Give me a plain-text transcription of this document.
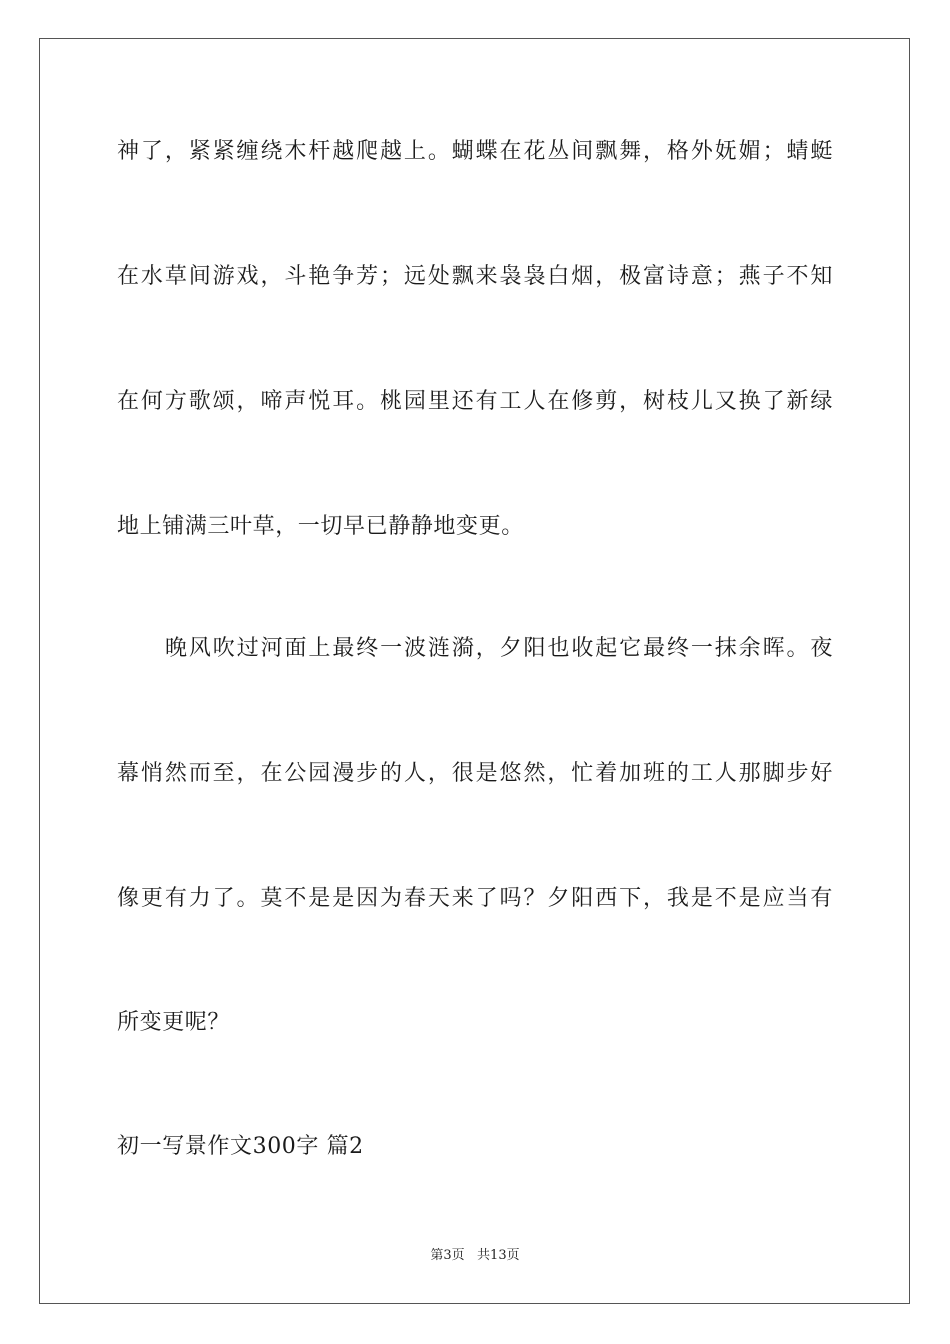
神了，紧紧缠绕木杆越爬越上。蝴蝶在花丛间飘舞，格外妩媚；蜻蜓
在水草间游戏，斗艳争芳；远处飘来袅袅白烟，极富诗意；燕子不知
在何方歌颂，啼声悦耳。桃园里还有工人在修剪，树枝儿又换了新绿
地上铺满三叶草，一切早已静静地变更。
晚风吹过河面上最终一波涟漪，夕阳也收起它最终一抹余晖。夜
幕悄然而至，在公园漫步的人，很是悠然，忙着加班的工人那脚步好
像更有力了。莫不是是因为春天来了吗？夕阳西下，我是不是应当有
所变更呢？
初一写景作文300字 篇2
第3页   共13页
